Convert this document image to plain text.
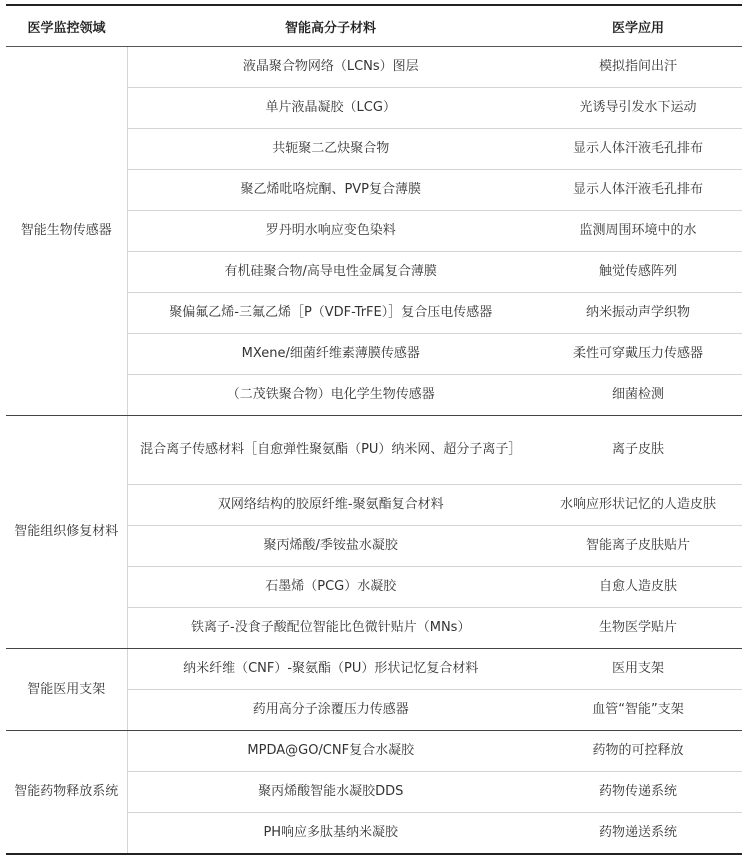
医学监控领域	智能高分子材料	医学应用
智能生物传感器	液晶聚合物网络（LCNs）图层	模拟指间出汗
	单片液晶凝胶（LCG）	光诱导引发水下运动
	共轭聚二乙炔聚合物	显示人体汗液毛孔排布
	聚乙烯吡咯烷酮、PVP复合薄膜	显示人体汗液毛孔排布
	罗丹明水响应变色染料	监测周围环境中的水
	有机硅聚合物/高导电性金属复合薄膜	触觉传感阵列
	聚偏氟乙烯-三氟乙烯［P（VDF-TrFE）］复合压电传感器	纳米振动声学织物
	MXene/细菌纤维素薄膜传感器	柔性可穿戴压力传感器
	（二茂铁聚合物）电化学生物传感器	细菌检测
智能组织修复材料	混合离子传感材料［自愈弹性聚氨酯（PU）纳米网、超分子离子］	离子皮肤
	双网络结构的胶原纤维-聚氨酯复合材料	水响应形状记忆的人造皮肤
	聚丙烯酸/季铵盐水凝胶	智能离子皮肤贴片
	石墨烯（PCG）水凝胶	自愈人造皮肤
	铁离子-没食子酸配位智能比色微针贴片（MNs）	生物医学贴片
智能医用支架	纳米纤维（CNF）-聚氨酯（PU）形状记忆复合材料	医用支架
	药用高分子涂覆压力传感器	血管“智能”支架
智能药物释放系统	MPDA@GO/CNF复合水凝胶	药物的可控释放
	聚丙烯酸智能水凝胶DDS	药物传递系统
	PH响应多肽基纳米凝胶	药物递送系统
